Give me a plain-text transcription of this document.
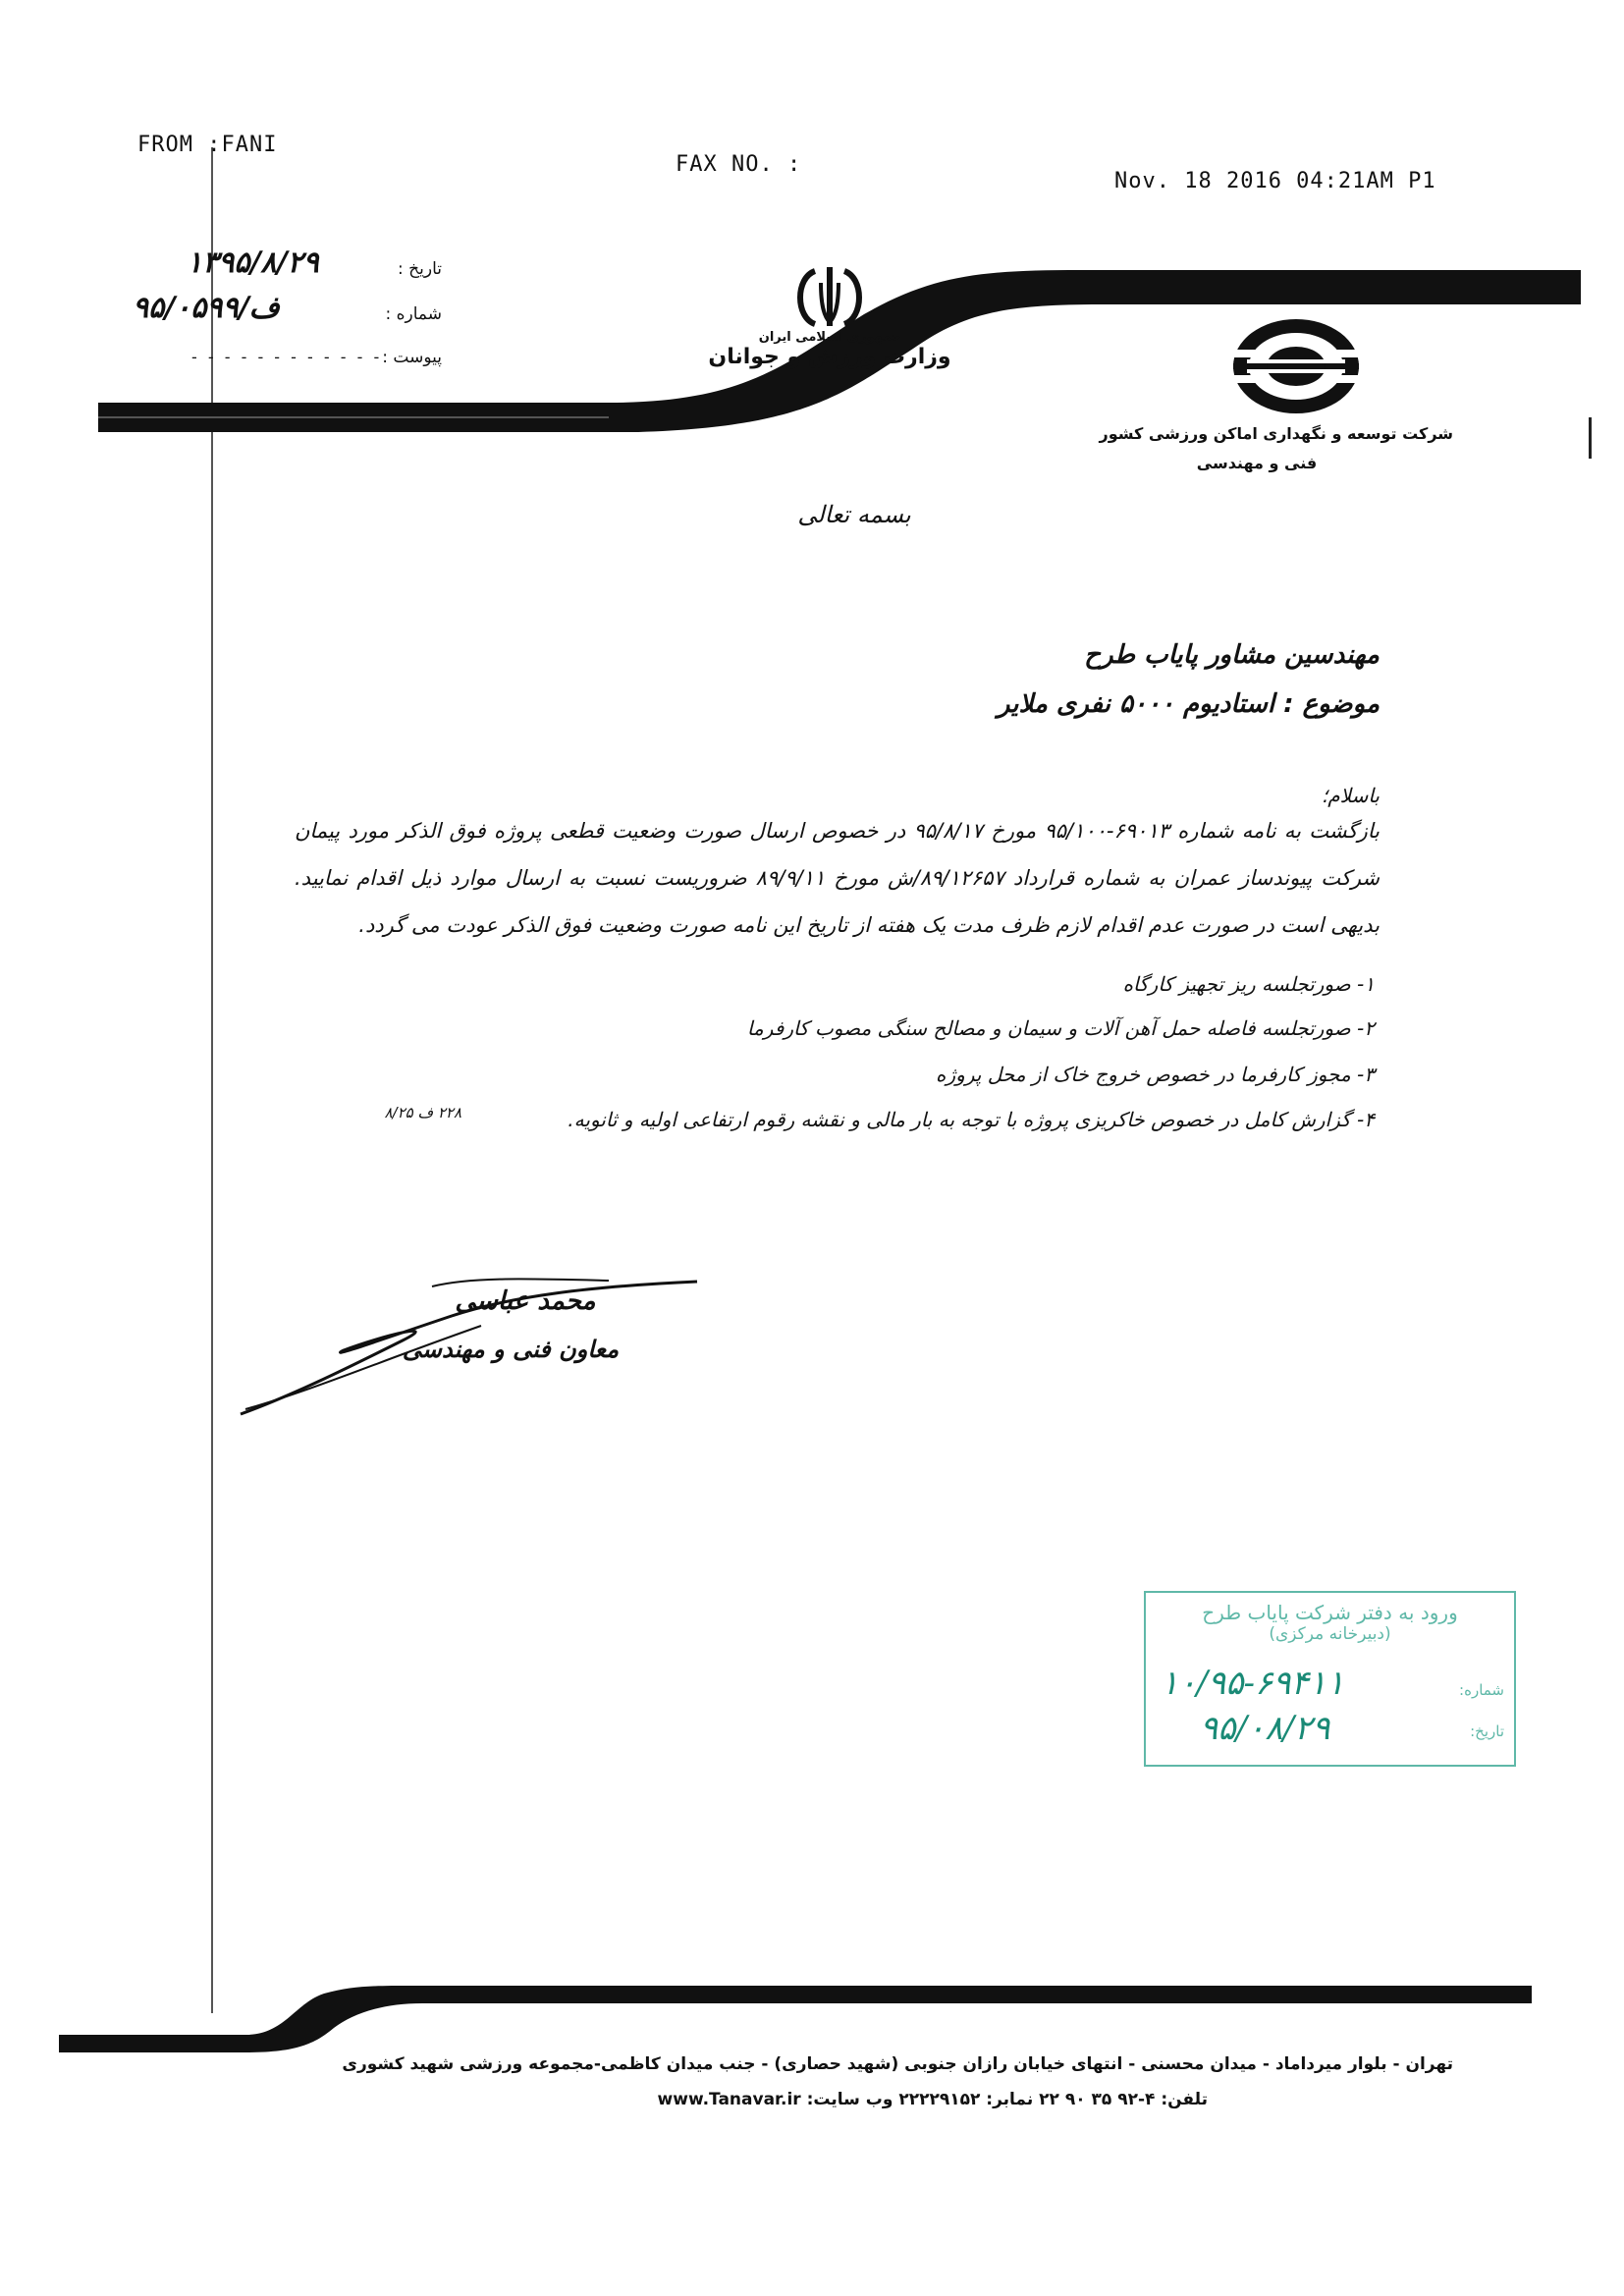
FROM :FANI
FAX NO. :
Nov. 18 2016 04:21AM P1
۱۳۹۵/۸/۲۹	تاریخ :
۹۵/۰۵۹۹/ف	شماره :
- - - - - - - - - - - - پیوست :
جمهوری اسلامی ایران
وزارت ورزش و جوانان
شرکت توسعه و نگهداری اماکن ورزشی کشور
فنی و مهندسی
بسمه تعالی
مهندسین مشاور پایاب طرح
موضوع : استادیوم ۵۰۰۰ نفری ملایر
باسلام؛
بازگشت به نامه شماره ۶۹۰۱۳-۹۵/۱۰۰ مورخ ۹۵/۸/۱۷ در خصوص ارسال صورت وضعیت قطعی پروژه فوق الذکر مورد پیمان شرکت پیوندساز عمران به شماره قرارداد ۸۹/۱۲۶۵۷/ش مورخ ۸۹/۹/۱۱ ضروریست نسبت به ارسال موارد ذیل اقدام نمایید. بدیهی است در صورت عدم اقدام لازم ظرف مدت یک هفته از تاریخ این نامه صورت وضعیت فوق الذکر عودت می گردد.
۱- صورتجلسه ریز تجهیز کارگاه
۲- صورتجلسه فاصله حمل آهن آلات و سیمان و مصالح سنگی مصوب کارفرما
۳- مجوز کارفرما در خصوص خروج خاک از محل پروژه
۴- گزارش کامل در خصوص خاکریزی پروژه با توجه به بار مالی و نقشه رقوم ارتفاعی اولیه و ثانویه.
۲۲۸ ف ۸/۲۵
محمد عباسی
معاون فنی و مهندسی
ورود به دفتر شرکت پایاب طرح
(دبیرخانه مرکزی)
شماره:
تاریخ:
۱۰/۹۵-۶۹۴۱۱
۹۵/۰۸/۲۹
تهران - بلوار میرداماد - میدان محسنی - انتهای خیابان رازان جنوبی (شهید حصاری) - جنب میدان کاظمی-مجموعه ورزشی شهید کشوری
تلفن: ۴-۹۲ ۳۵ ۹۰ ۲۲ نمابر: ۲۲۲۲۹۱۵۲ وب سایت: www.Tanavar.ir
